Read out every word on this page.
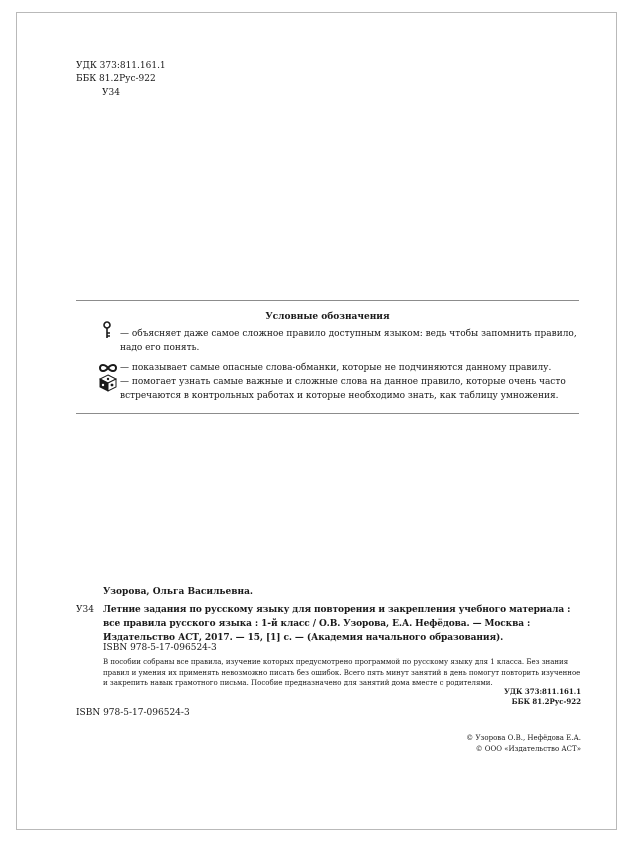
УДК 373:811.161.1
ББК 81.2Рус-922
У34
Условные обозначения
— объясняет даже самое сложное правило доступным языком: ведь чтобы запомнить правило, надо его понять.
— показывает самые опасные слова-обманки, которые не подчиняются данному правилу.
— помогает узнать самые важные и сложные слова на данное правило, которые очень часто встречаются в контрольных работах и которые необходимо знать, как таблицу умножения.
Узорова, Ольга Васильевна.
У34 Летние задания по русскому языку для повторения и закрепления учебного материала : все правила русского языка : 1-й класс / О.В. Узорова, Е.А. Нефёдова. — Москва : Издательство АСТ, 2017. — 15, [1] с. — (Академия начального образования).
ISBN 978-5-17-096524-3
В пособии собраны все правила, изучение которых предусмотрено программой по русскому языку для 1 класса. Без знания правил и умения их применять невозможно писать без ошибок. Всего пять минут занятий в день помогут повторить изученное и закрепить навык грамотного письма. Пособие предназначено для занятий дома вместе с родителями.
УДК 373:811.161.1
ББК 81.2Рус-922
ISBN 978-5-17-096524-3
© Узорова О.В., Нефёдова Е.А.
© ООО «Издательство АСТ»
